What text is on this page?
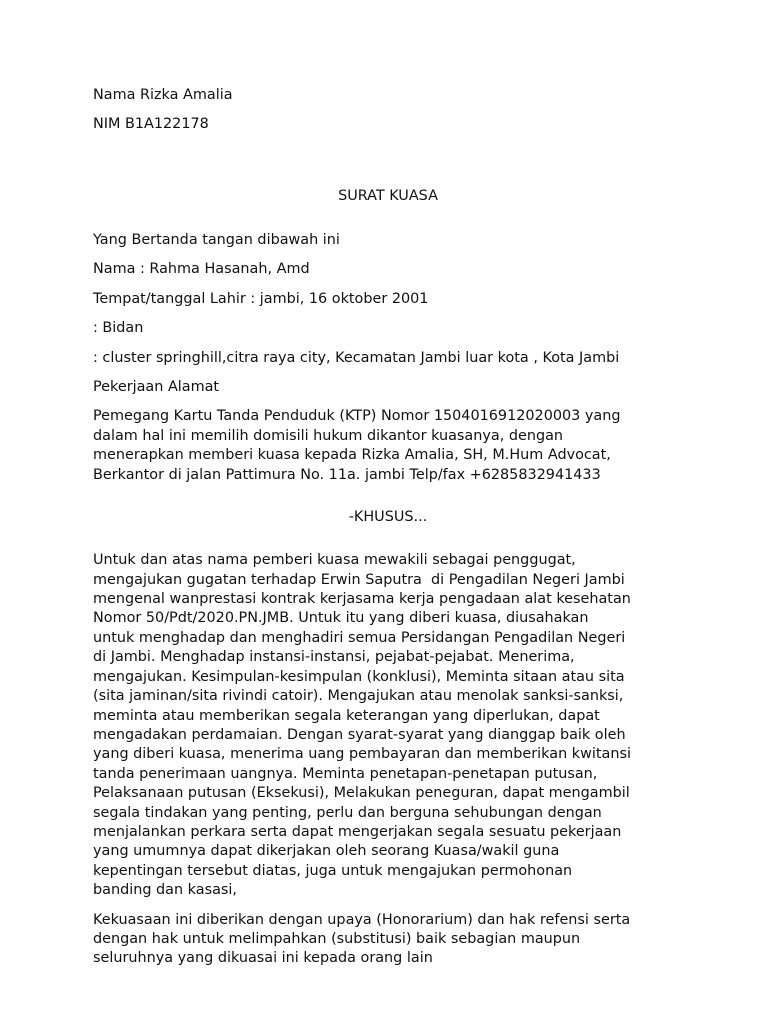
Nama Rizka Amalia

NIM B1A122178

SURAT KUASA

Yang Bertanda tangan dibawah ini

Nama : Rahma Hasanah, Amd

Tempat/tanggal Lahir : jambi, 16 oktober 2001

: Bidan

: cluster springhill,citra raya city, Kecamatan Jambi luar kota , Kota Jambi

Pekerjaan Alamat

Pemegang Kartu Tanda Penduduk (KTP) Nomor 1504016912020003 yang
dalam hal ini memilih domisili hukum dikantor kuasanya, dengan
menerapkan memberi kuasa kepada Rizka Amalia, SH, M.Hum Advocat,
Berkantor di jalan Pattimura No. 11a. jambi Telp/fax +6285832941433

-KHUSUS...

Untuk dan atas nama pemberi kuasa mewakili sebagai penggugat,
mengajukan gugatan terhadap Erwin Saputra  di Pengadilan Negeri Jambi
mengenal wanprestasi kontrak kerjasama kerja pengadaan alat kesehatan
Nomor 50/Pdt/2020.PN.JMB. Untuk itu yang diberi kuasa, diusahakan
untuk menghadap dan menghadiri semua Persidangan Pengadilan Negeri
di Jambi. Menghadap instansi-instansi, pejabat-pejabat. Menerima,
mengajukan. Kesimpulan-kesimpulan (konklusi), Meminta sitaan atau sita
(sita jaminan/sita rivindi catoir). Mengajukan atau menolak sanksi-sanksi,
meminta atau memberikan segala keterangan yang diperlukan, dapat
mengadakan perdamaian. Dengan syarat-syarat yang dianggap baik oleh
yang diberi kuasa, menerima uang pembayaran dan memberikan kwitansi
tanda penerimaan uangnya. Meminta penetapan-penetapan putusan,
Pelaksanaan putusan (Eksekusi), Melakukan peneguran, dapat mengambil
segala tindakan yang penting, perlu dan berguna sehubungan dengan
menjalankan perkara serta dapat mengerjakan segala sesuatu pekerjaan
yang umumnya dapat dikerjakan oleh seorang Kuasa/wakil guna
kepentingan tersebut diatas, juga untuk mengajukan permohonan
banding dan kasasi,

Kekuasaan ini diberikan dengan upaya (Honorarium) dan hak refensi serta
dengan hak untuk melimpahkan (substitusi) baik sebagian maupun
seluruhnya yang dikuasai ini kepada orang lain
